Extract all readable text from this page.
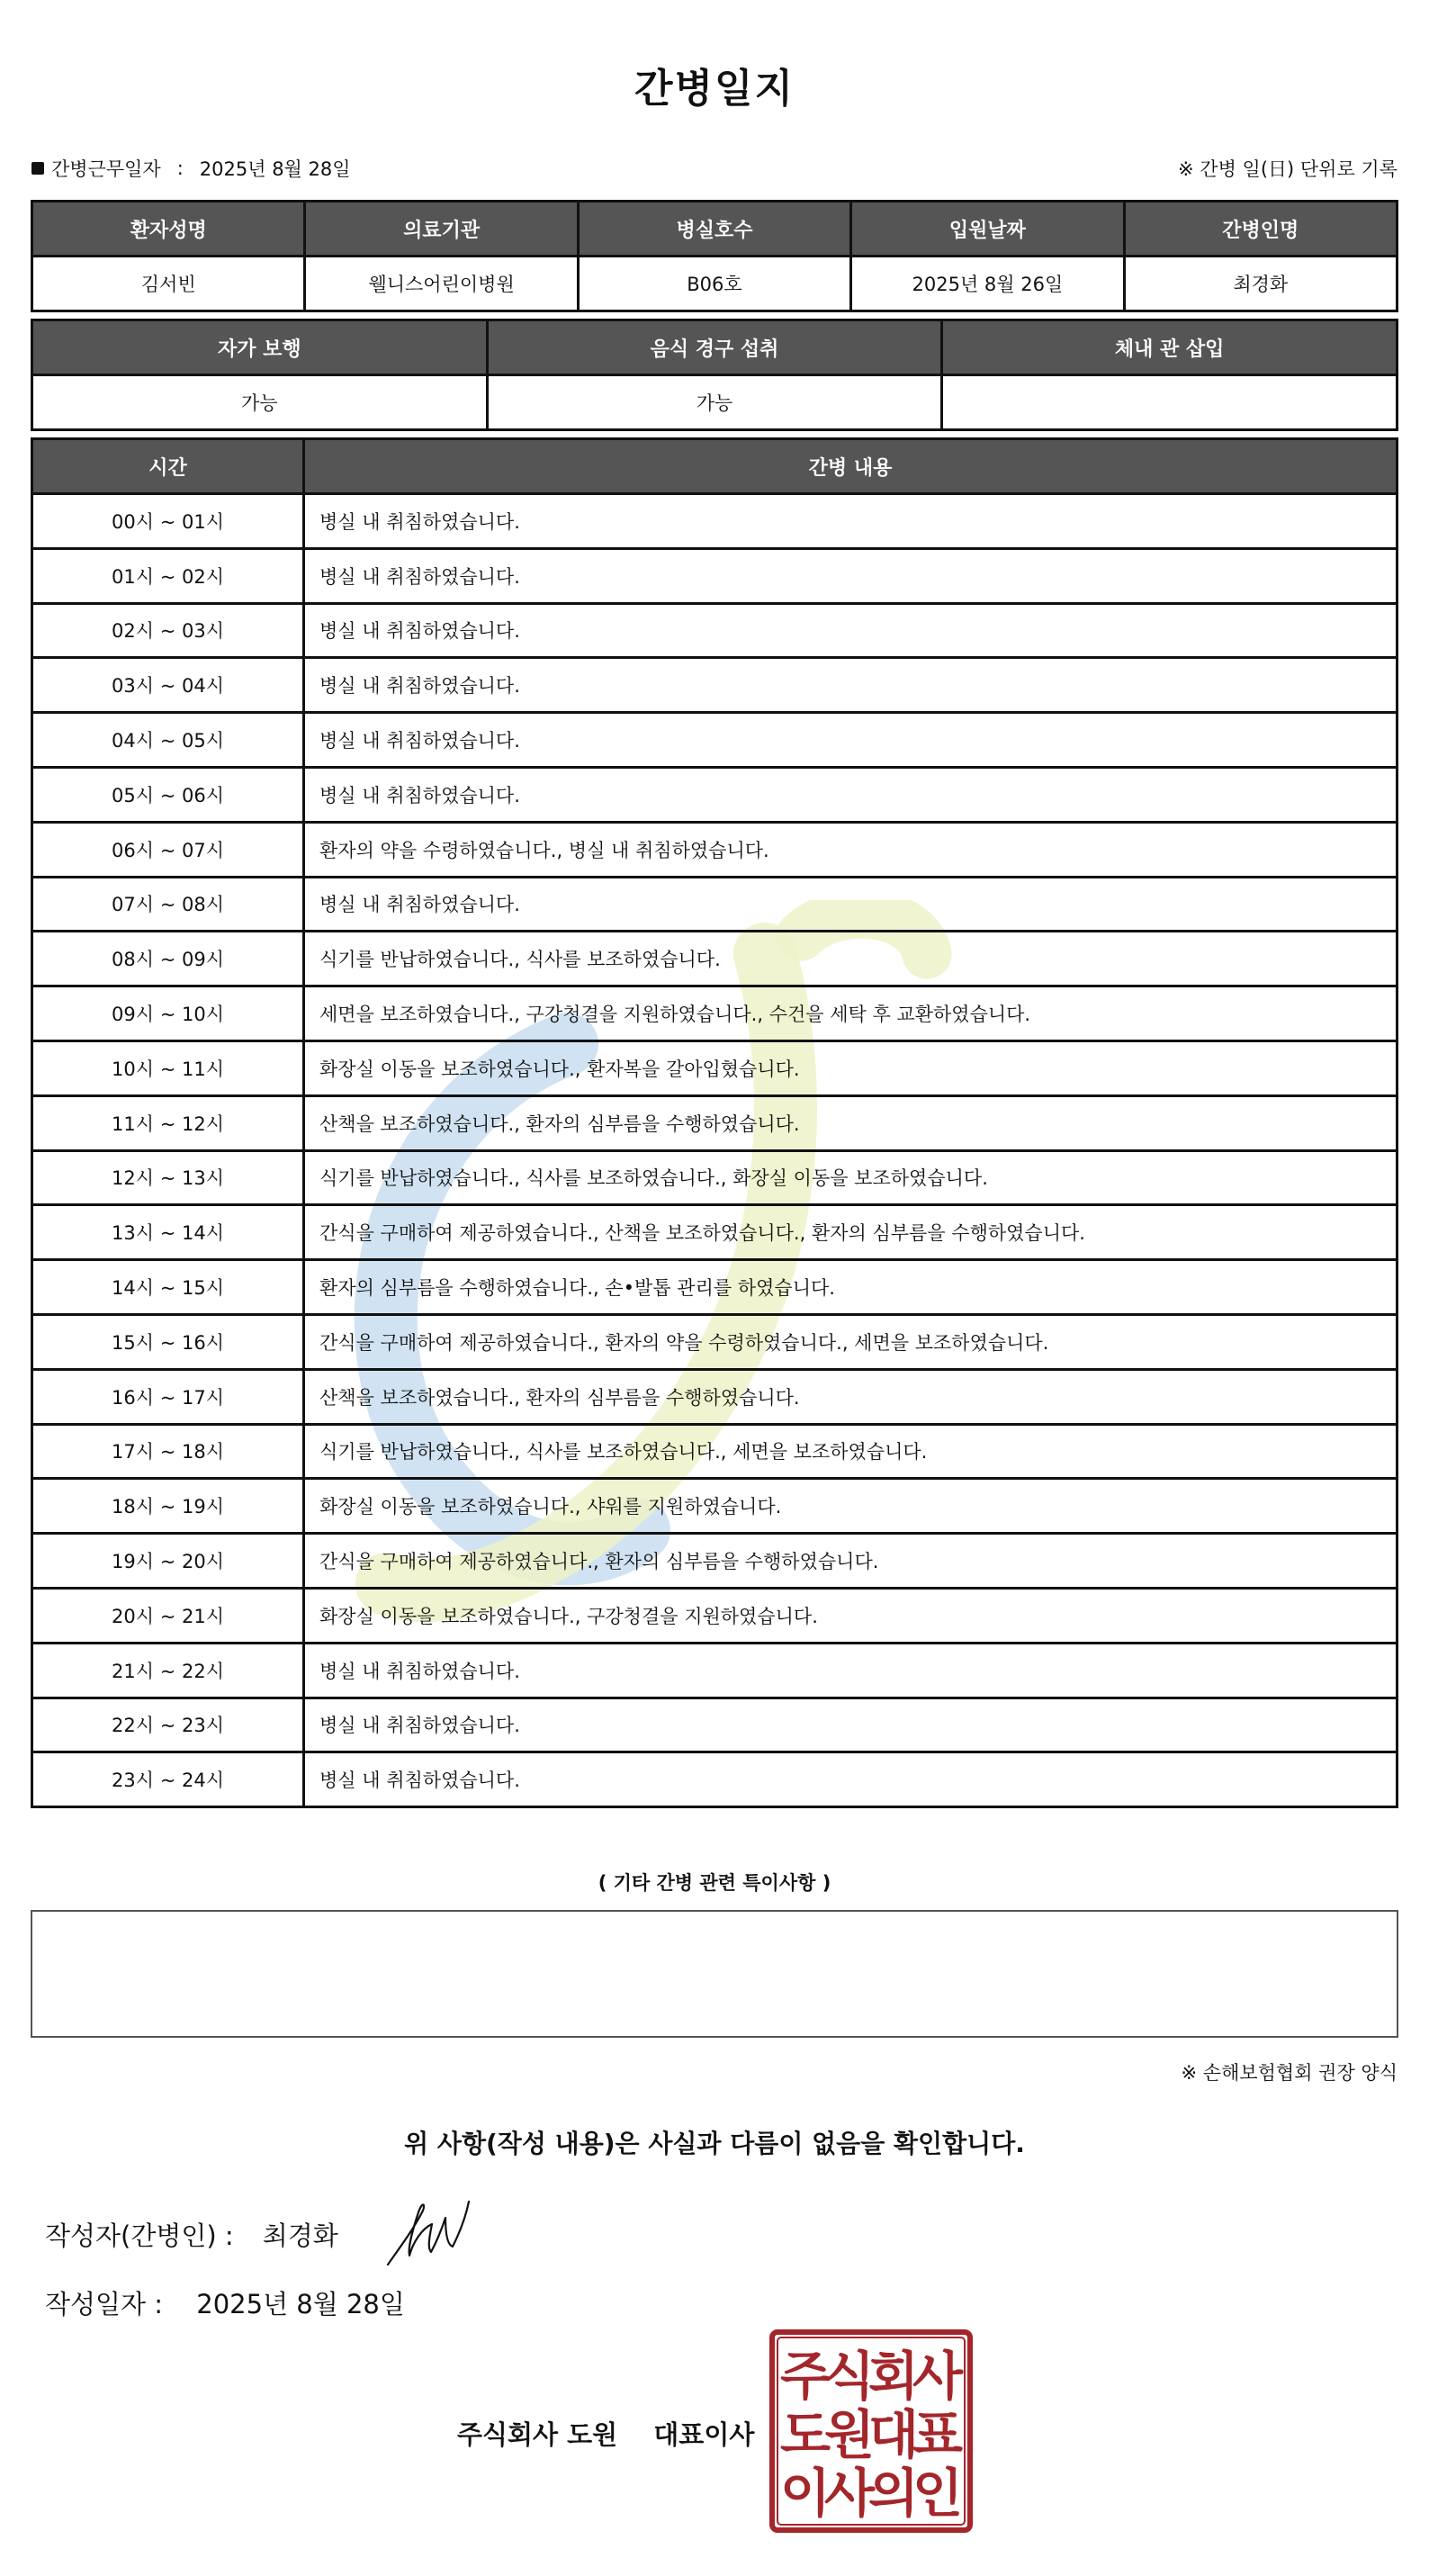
간병일지
간병근무일자 : 2025년 8월 28일	※ 간병 일(日) 단위로 기록
환자성명	의료기관	병실호수	입원날짜	간병인명
김서빈	웰니스어린이병원	B06호	2025년 8월 26일	최경화
자가 보행	음식 경구 섭취	체내 관 삽입
가능	가능	
시간	간병 내용
00시 ~ 01시	병실 내 취침하였습니다.
01시 ~ 02시	병실 내 취침하였습니다.
02시 ~ 03시	병실 내 취침하였습니다.
03시 ~ 04시	병실 내 취침하였습니다.
04시 ~ 05시	병실 내 취침하였습니다.
05시 ~ 06시	병실 내 취침하였습니다.
06시 ~ 07시	환자의 약을 수령하였습니다., 병실 내 취침하였습니다.
07시 ~ 08시	병실 내 취침하였습니다.
08시 ~ 09시	식기를 반납하였습니다., 식사를 보조하였습니다.
09시 ~ 10시	세면을 보조하였습니다., 구강청결을 지원하였습니다., 수건을 세탁 후 교환하였습니다.
10시 ~ 11시	화장실 이동을 보조하였습니다., 환자복을 갈아입혔습니다.
11시 ~ 12시	산책을 보조하였습니다., 환자의 심부름을 수행하였습니다.
12시 ~ 13시	식기를 반납하였습니다., 식사를 보조하였습니다., 화장실 이동을 보조하였습니다.
13시 ~ 14시	간식을 구매하여 제공하였습니다., 산책을 보조하였습니다., 환자의 심부름을 수행하였습니다.
14시 ~ 15시	환자의 심부름을 수행하였습니다., 손•발톱 관리를 하였습니다.
15시 ~ 16시	간식을 구매하여 제공하였습니다., 환자의 약을 수령하였습니다., 세면을 보조하였습니다.
16시 ~ 17시	산책을 보조하였습니다., 환자의 심부름을 수행하였습니다.
17시 ~ 18시	식기를 반납하였습니다., 식사를 보조하였습니다., 세면을 보조하였습니다.
18시 ~ 19시	화장실 이동을 보조하였습니다., 샤워를 지원하였습니다.
19시 ~ 20시	간식을 구매하여 제공하였습니다., 환자의 심부름을 수행하였습니다.
20시 ~ 21시	화장실 이동을 보조하였습니다., 구강청결을 지원하였습니다.
21시 ~ 22시	병실 내 취침하였습니다.
22시 ~ 23시	병실 내 취침하였습니다.
23시 ~ 24시	병실 내 취침하였습니다.
( 기타 간병 관련 특이사항 )
※ 손해보험협회 권장 양식
위 사항(작성 내용)은 사실과 다름이 없음을 확인합니다.
작성자(간병인) : 최경화
작성일자 : 2025년 8월 28일
주식회사 도원 대표이사
주
식
회
사
도
원
대
표
이
사
의
인
